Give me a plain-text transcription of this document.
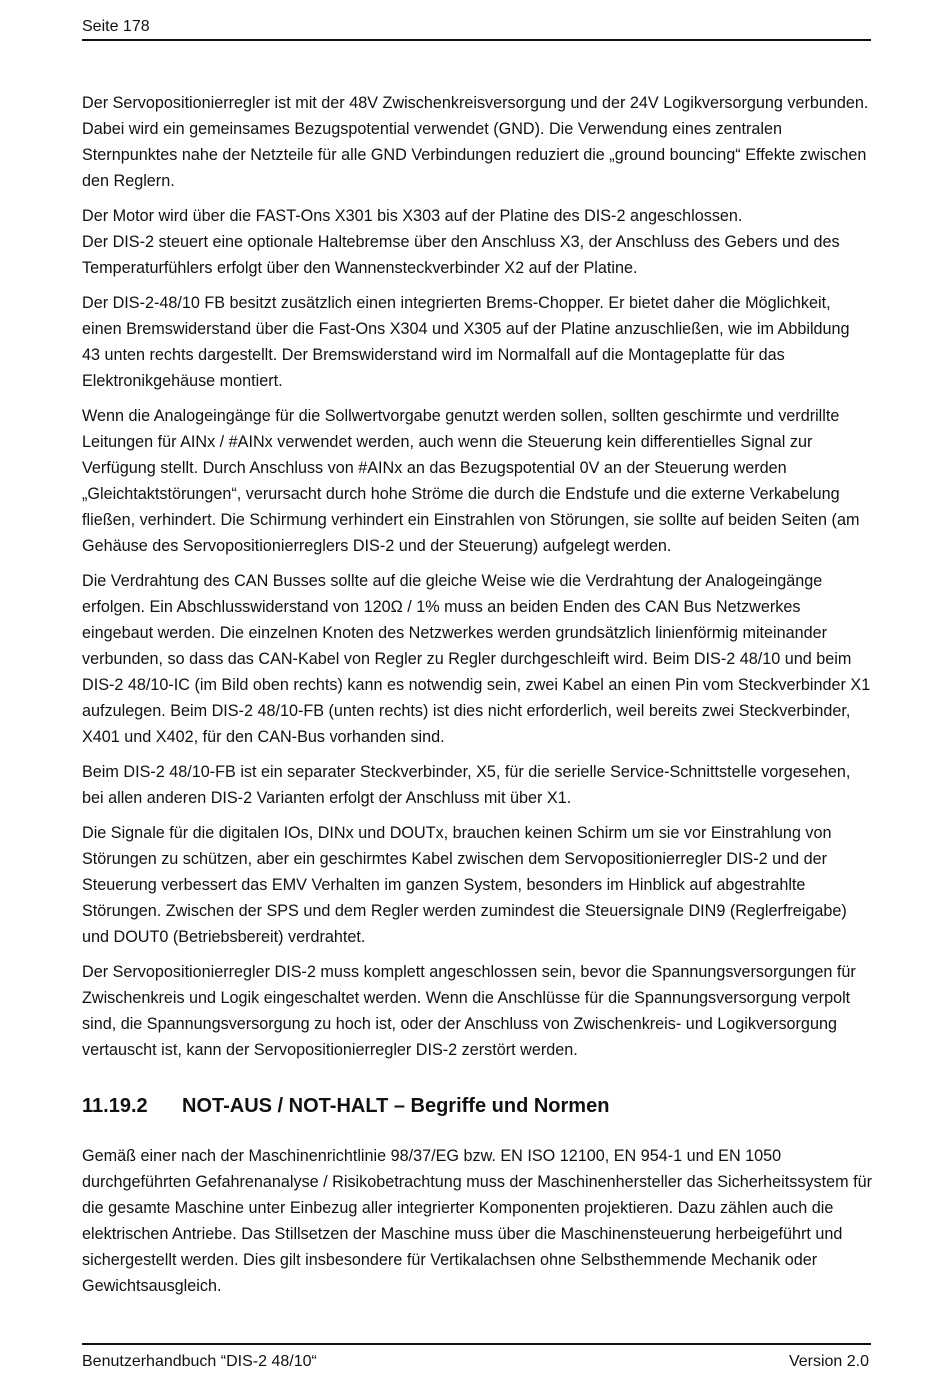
Seite 178

Der Servopositionierregler ist mit der 48V Zwischenkreisversorgung und der 24V Logikversorgung verbunden. Dabei wird ein gemeinsames Bezugspotential verwendet (GND). Die Verwendung eines zentralen Sternpunktes nahe der Netzteile für alle GND Verbindungen reduziert die „ground bouncing“ Effekte zwischen den Reglern.

Der Motor wird über die FAST-Ons X301 bis X303 auf der Platine des DIS-2 angeschlossen.

Der DIS-2 steuert eine optionale Haltebremse über den Anschluss X3, der Anschluss des Gebers und des Temperaturfühlers erfolgt über den Wannensteckverbinder X2 auf der Platine.

Der DIS-2-48/10 FB besitzt zusätzlich einen integrierten Brems-Chopper. Er bietet daher die Möglichkeit, einen Bremswiderstand über die Fast-Ons X304 und X305 auf der Platine anzuschließen, wie im Abbildung 43 unten rechts dargestellt. Der Bremswiderstand wird im Normalfall auf die Montageplatte für das Elektronikgehäuse montiert.

Wenn die Analogeingänge für die Sollwertvorgabe genutzt werden sollen, sollten geschirmte und verdrillte Leitungen für AINx / #AINx verwendet werden, auch wenn die Steuerung kein differentielles Signal zur Verfügung stellt. Durch Anschluss von #AINx an das Bezugspotential 0V an der Steuerung werden „Gleichtaktstörungen“, verursacht durch hohe Ströme die durch die Endstufe und die externe Verkabelung fließen, verhindert. Die Schirmung verhindert ein Einstrahlen von Störungen, sie sollte auf beiden Seiten (am Gehäuse des Servopositionierreglers DIS-2 und der Steuerung) aufgelegt werden.

Die Verdrahtung des CAN Busses sollte auf die gleiche Weise wie die Verdrahtung der Analogeingänge erfolgen. Ein Abschlusswiderstand von 120Ω / 1% muss an beiden Enden des CAN Bus Netzwerkes eingebaut werden. Die einzelnen Knoten des Netzwerkes werden grundsätzlich linienförmig miteinander verbunden, so dass das CAN-Kabel von Regler zu Regler durchgeschleift wird. Beim DIS-2 48/10 und beim DIS-2 48/10-IC (im Bild oben rechts) kann es notwendig sein, zwei Kabel an einen Pin vom Steckverbinder X1 aufzulegen. Beim DIS-2 48/10-FB (unten rechts) ist dies nicht erforderlich, weil bereits zwei Steckverbinder, X401 und X402, für den CAN-Bus vorhanden sind.

Beim DIS-2 48/10-FB ist ein separater Steckverbinder, X5, für die serielle Service-Schnittstelle vorgesehen, bei allen anderen DIS-2 Varianten erfolgt der Anschluss mit über X1.

Die Signale für die digitalen IOs, DINx und DOUTx, brauchen keinen Schirm um sie vor Einstrahlung von Störungen zu schützen, aber ein geschirmtes Kabel zwischen dem Servopositionierregler DIS-2 und der Steuerung verbessert das EMV Verhalten im ganzen System, besonders im Hinblick auf abgestrahlte Störungen. Zwischen der SPS und dem Regler werden zumindest die Steuersignale DIN9 (Reglerfreigabe) und DOUT0 (Betriebsbereit) verdrahtet.

Der Servopositionierregler DIS-2 muss komplett angeschlossen sein, bevor die Spannungsversorgungen für Zwischenkreis und Logik eingeschaltet werden. Wenn die Anschlüsse für die Spannungsversorgung verpolt sind, die Spannungsversorgung zu hoch ist, oder der Anschluss von Zwischenkreis- und Logikversorgung vertauscht ist, kann der Servopositionierregler DIS-2 zerstört werden.

11.19.2 NOT-AUS / NOT-HALT – Begriffe und Normen

Gemäß einer nach der Maschinenrichtlinie 98/37/EG bzw. EN ISO 12100, EN 954-1 und EN 1050 durchgeführten Gefahrenanalyse / Risikobetrachtung muss der Maschinenhersteller das Sicherheitssystem für die gesamte Maschine unter Einbezug aller integrierter Komponenten projektieren. Dazu zählen auch die elektrischen Antriebe. Das Stillsetzen der Maschine muss über die Maschinensteuerung herbeigeführt und sichergestellt werden. Dies gilt insbesondere für Vertikalachsen ohne Selbsthemmende Mechanik oder Gewichtsausgleich.

Benutzerhandbuch “DIS-2 48/10“	Version 2.0
